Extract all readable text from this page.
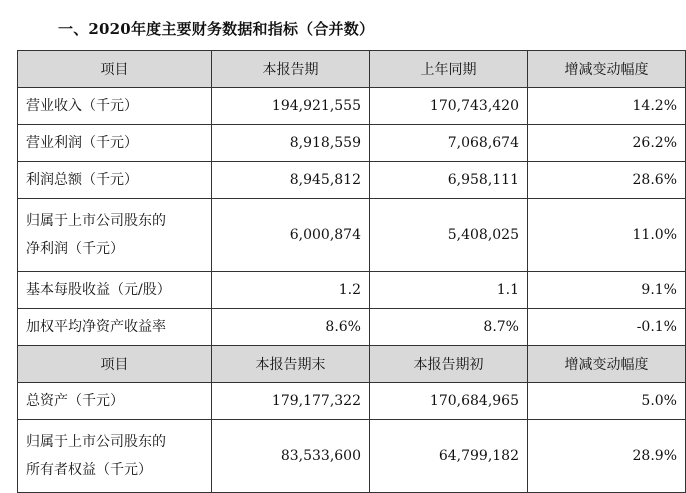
一、2020年度主要财务数据和指标（合并数）
项目	本报告期	上年同期	增减变动幅度

营业收入（千元）	194,921,555	170,743,420	14.2%

营业利润（千元）	8,918,559	7,068,674	26.2%

利润总额（千元）	8,945,812	6,958,111	28.6%

归属于上市公司股东的
净利润（千元）	6,000,874	5,408,025	11.0%

基本每股收益（元/股）	1.2	1.1	9.1%

加权平均净资产收益率	8.6%	8.7%	-0.1%
项目	本报告期末	本报告期初	增减变动幅度

总资产（千元）	179,177,322	170,684,965	5.0%

归属于上市公司股东的
所有者权益（千元）	83,533,600	64,799,182	28.9%
